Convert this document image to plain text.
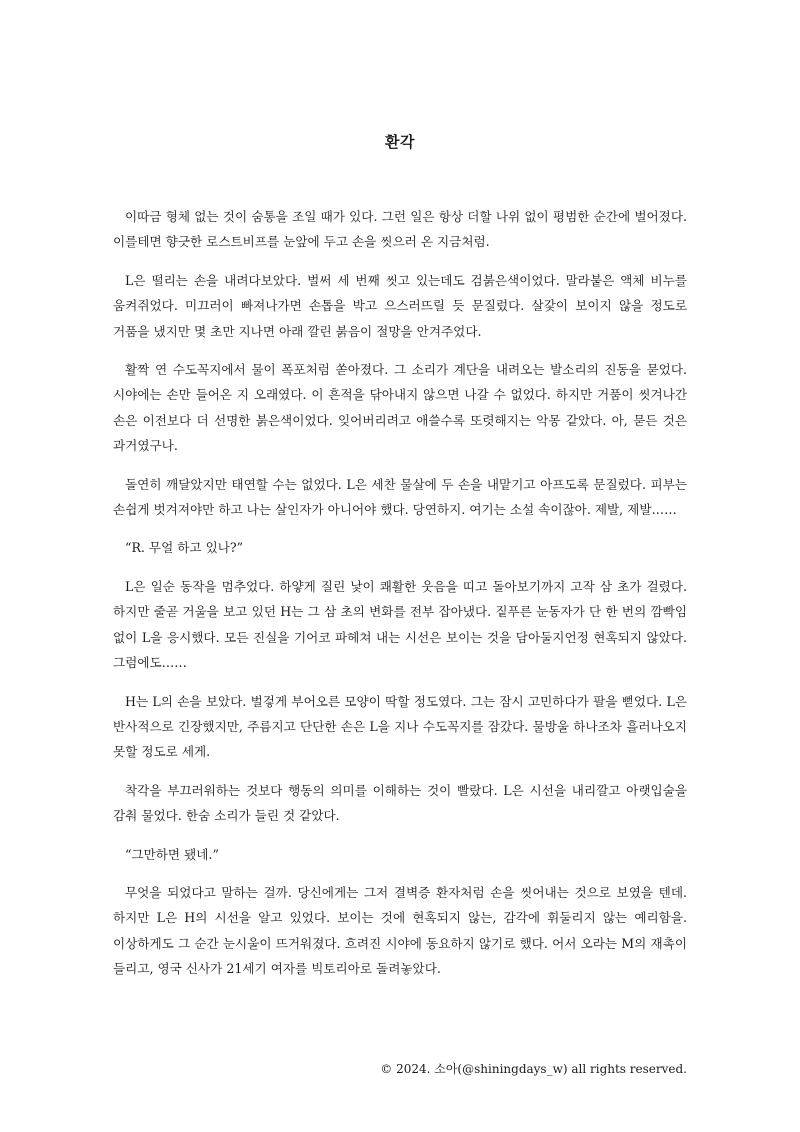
환각

이따금 형체 없는 것이 숨통을 조일 때가 있다. 그런 일은 항상 더할 나위 없이 평범한 순간에 벌어졌다. 이를테면 향긋한 로스트비프를 눈앞에 두고 손을 씻으러 온 지금처럼.

L은 떨리는 손을 내려다보았다. 벌써 세 번째 씻고 있는데도 검붉은색이었다. 말라붙은 액체 비누를 움켜쥐었다. 미끄러이 빠져나가면 손톱을 박고 으스러뜨릴 듯 문질렀다. 살갗이 보이지 않을 정도로 거품을 냈지만 몇 초만 지나면 아래 깔린 붉음이 절망을 안겨주었다.

활짝 연 수도꼭지에서 물이 폭포처럼 쏟아졌다. 그 소리가 계단을 내려오는 발소리의 진동을 묻었다. 시야에는 손만 들어온 지 오래였다. 이 흔적을 닦아내지 않으면 나갈 수 없었다. 하지만 거품이 씻겨나간 손은 이전보다 더 선명한 붉은색이었다. 잊어버리려고 애쓸수록 또렷해지는 악몽 같았다. 아, 묻든 것은 과거였구나.

돌연히 깨달았지만 태연할 수는 없었다. L은 세찬 물살에 두 손을 내맡기고 아프도록 문질렀다. 피부는 손쉽게 벗겨져야만 하고 나는 살인자가 아니어야 했다. 당연하지. 여기는 소설 속이잖아. 제발, 제발……

“R. 무얼 하고 있나?”

L은 일순 동작을 멈추었다. 하얗게 질린 낯이 쾌활한 웃음을 띠고 돌아보기까지 고작 삼 초가 걸렸다. 하지만 줄곧 거울을 보고 있던 H는 그 삼 초의 변화를 전부 잡아냈다. 짙푸른 눈동자가 단 한 번의 깜빡임 없이 L을 응시했다. 모든 진실을 기어코 파헤쳐 내는 시선은 보이는 것을 담아둘지언정 현혹되지 않았다. 그럼에도……

H는 L의 손을 보았다. 벌겋게 부어오른 모양이 딱할 정도였다. 그는 잠시 고민하다가 팔을 뻗었다. L은 반사적으로 긴장했지만, 주름지고 단단한 손은 L을 지나 수도꼭지를 잠갔다. 물방울 하나조차 흘러나오지 못할 정도로 세게.

착각을 부끄러워하는 것보다 행동의 의미를 이해하는 것이 빨랐다. L은 시선을 내리깔고 아랫입술을 감춰 물었다. 한숨 소리가 들린 것 같았다.

“그만하면 됐네.”

무엇을 되었다고 말하는 걸까. 당신에게는 그저 결벽증 환자처럼 손을 씻어내는 것으로 보였을 텐데. 하지만 L은 H의 시선을 알고 있었다. 보이는 것에 현혹되지 않는, 감각에 휘둘리지 않는 예리함을. 이상하게도 그 순간 눈시울이 뜨거워졌다. 흐려진 시야에 동요하지 않기로 했다. 어서 오라는 M의 재촉이 들리고, 영국 신사가 21세기 여자를 빅토리아로 돌려놓았다.

© 2024. 소아(@shiningdays_w) all rights reserved.
